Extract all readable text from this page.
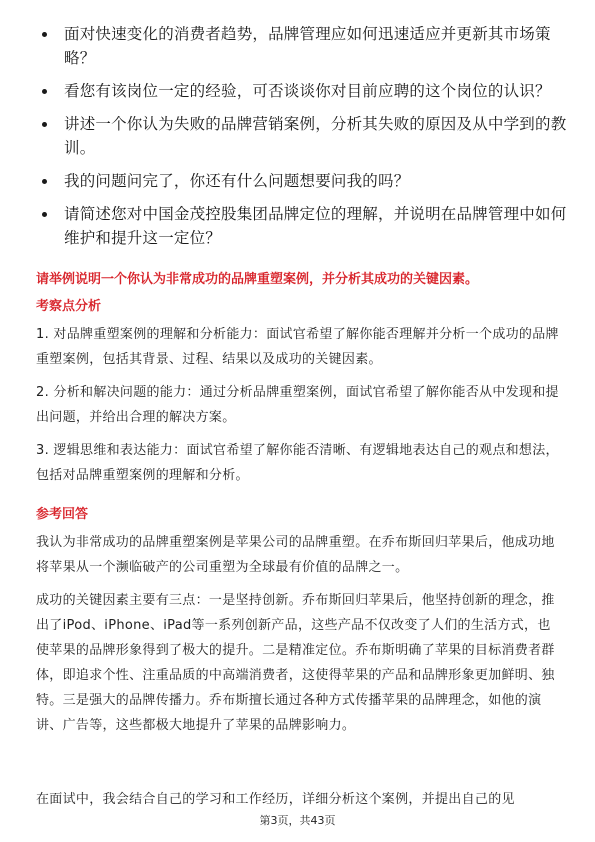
面对快速变化的消费者趋势，品牌管理应如何迅速适应并更新其市场策略？
看您有该岗位一定的经验，可否谈谈你对目前应聘的这个岗位的认识？
讲述一个你认为失败的品牌营销案例，分析其失败的原因及从中学到的教训。
我的问题问完了，你还有什么问题想要问我的吗？
请简述您对中国金茂控股集团品牌定位的理解，并说明在品牌管理中如何维护和提升这一定位？
请举例说明一个你认为非常成功的品牌重塑案例，并分析其成功的关键因素。
考察点分析

1. 对品牌重塑案例的理解和分析能力：面试官希望了解你能否理解并分析一个成功的品牌重塑案例，包括其背景、过程、结果以及成功的关键因素。

2. 分析和解决问题的能力：通过分析品牌重塑案例，面试官希望了解你能否从中发现和提出问题，并给出合理的解决方案。

3. 逻辑思维和表达能力：面试官希望了解你能否清晰、有逻辑地表达自己的观点和想法，包括对品牌重塑案例的理解和分析。

参考回答

我认为非常成功的品牌重塑案例是苹果公司的品牌重塑。在乔布斯回归苹果后，他成功地将苹果从一个濒临破产的公司重塑为全球最有价值的品牌之一。

成功的关键因素主要有三点：一是坚持创新。乔布斯回归苹果后，他坚持创新的理念，推出了iPod、iPhone、iPad等一系列创新产品，这些产品不仅改变了人们的生活方式，也使苹果的品牌形象得到了极大的提升。二是精准定位。乔布斯明确了苹果的目标消费者群体，即追求个性、注重品质的中高端消费者，这使得苹果的产品和品牌形象更加鲜明、独特。三是强大的品牌传播力。乔布斯擅长通过各种方式传播苹果的品牌理念，如他的演讲、广告等，这些都极大地提升了苹果的品牌影响力。

在面试中，我会结合自己的学习和工作经历，详细分析这个案例，并提出自己的见

第3页，共43页
